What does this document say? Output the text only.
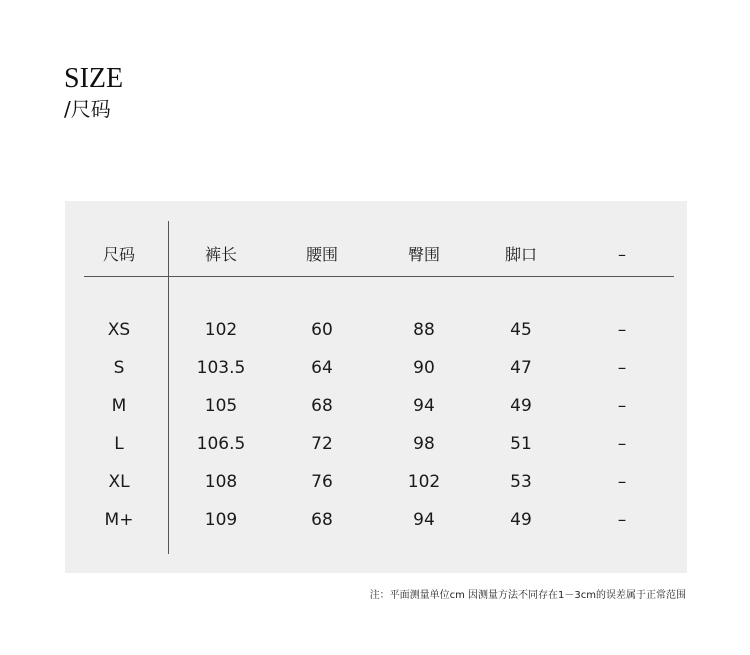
SIZE
/尺码
尺码	裤长	腰围	臀围	脚口	–
XS	102	60	88	45	–
S	103.5	64	90	47	–
M	105	68	94	49	–
L	106.5	72	98	51	–
XL	108	76	102	53	–
M+	109	68	94	49	–
注：平面测量单位cm 因测量方法不同存在1－3cm的误差属于正常范围
